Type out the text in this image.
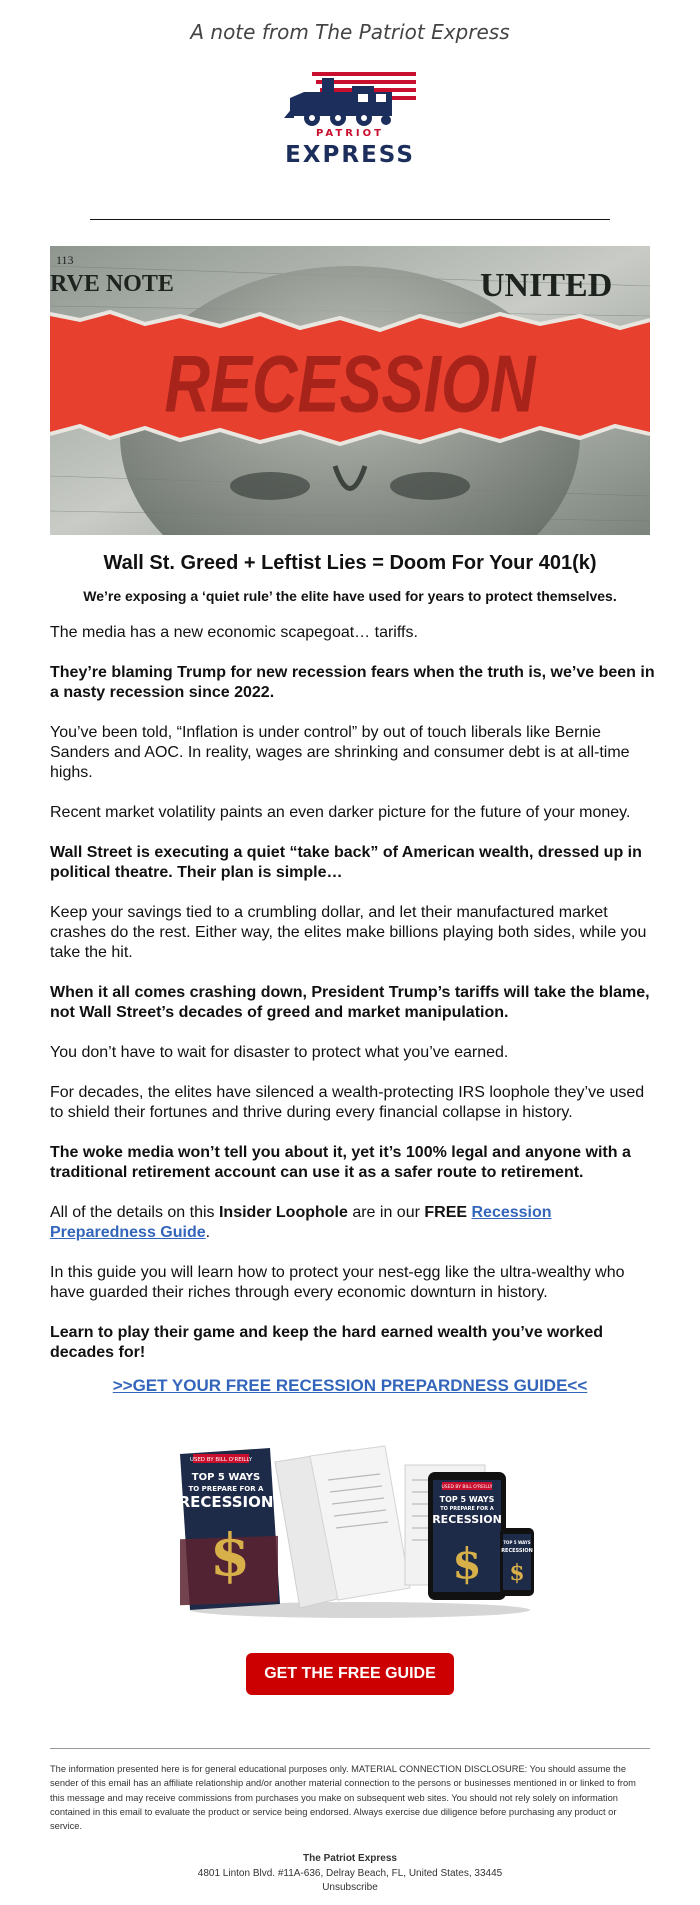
A note from The Patriot Express
PATRIOT
EXPRESS
113
RVE NOTE	UNITED
RECESSION
Wall St. Greed + Leftist Lies = Doom For Your 401(k)
We’re exposing a ‘quiet rule’ the elite have used for years to protect themselves.

The media has a new economic scapegoat… tariffs.

They’re blaming Trump for new recession fears when the truth is, we’ve been in a nasty recession since 2022.

You’ve been told, “Inflation is under control” by out of touch liberals like Bernie Sanders and AOC. In reality, wages are shrinking and consumer debt is at all-time highs.

Recent market volatility paints an even darker picture for the future of your money.

Wall Street is executing a quiet “take back” of American wealth, dressed up in political theatre. Their plan is simple…

Keep your savings tied to a crumbling dollar, and let their manufactured market crashes do the rest. Either way, the elites make billions playing both sides, while you take the hit.

When it all comes crashing down, President Trump’s tariffs will take the blame, not Wall Street’s decades of greed and market manipulation.

You don’t have to wait for disaster to protect what you’ve earned.

For decades, the elites have silenced a wealth-protecting IRS loophole they’ve used to shield their fortunes and thrive during every financial collapse in history.

The woke media won’t tell you about it, yet it’s 100% legal and anyone with a traditional retirement account can use it as a safer route to retirement.

All of the details on this Insider Loophole are in our FREE Recession Preparedness Guide.

In this guide you will learn how to protect your nest-egg like the ultra-wealthy who have guarded their riches through every economic downturn in history.

Learn to play their game and keep the hard earned wealth you’ve worked decades for!

>>GET YOUR FREE RECESSION PREPARDNESS GUIDE<<
USED BY BILL O'REILLY
TOP 5 WAYS
TO PREPARE FOR A
RECESSION
$
USED BY BILL O'REILLY
TOP 5 WAYS
TO PREPARE FOR A
RECESSION
$	TOP 5 WAYS
RECESSION
$
GET THE FREE GUIDE
The information presented here is for general educational purposes only. MATERIAL CONNECTION DISCLOSURE: You should assume the sender of this email has an affiliate relationship and/or another material connection to the persons or businesses mentioned in or linked to from this message and may receive commissions from purchases you make on subsequent web sites. You should not rely solely on information contained in this email to evaluate the product or service being endorsed. Always exercise due diligence before purchasing any product or service.
The Patriot Express
4801 Linton Blvd. #11A-636, Delray Beach, FL, United States, 33445
Unsubscribe
